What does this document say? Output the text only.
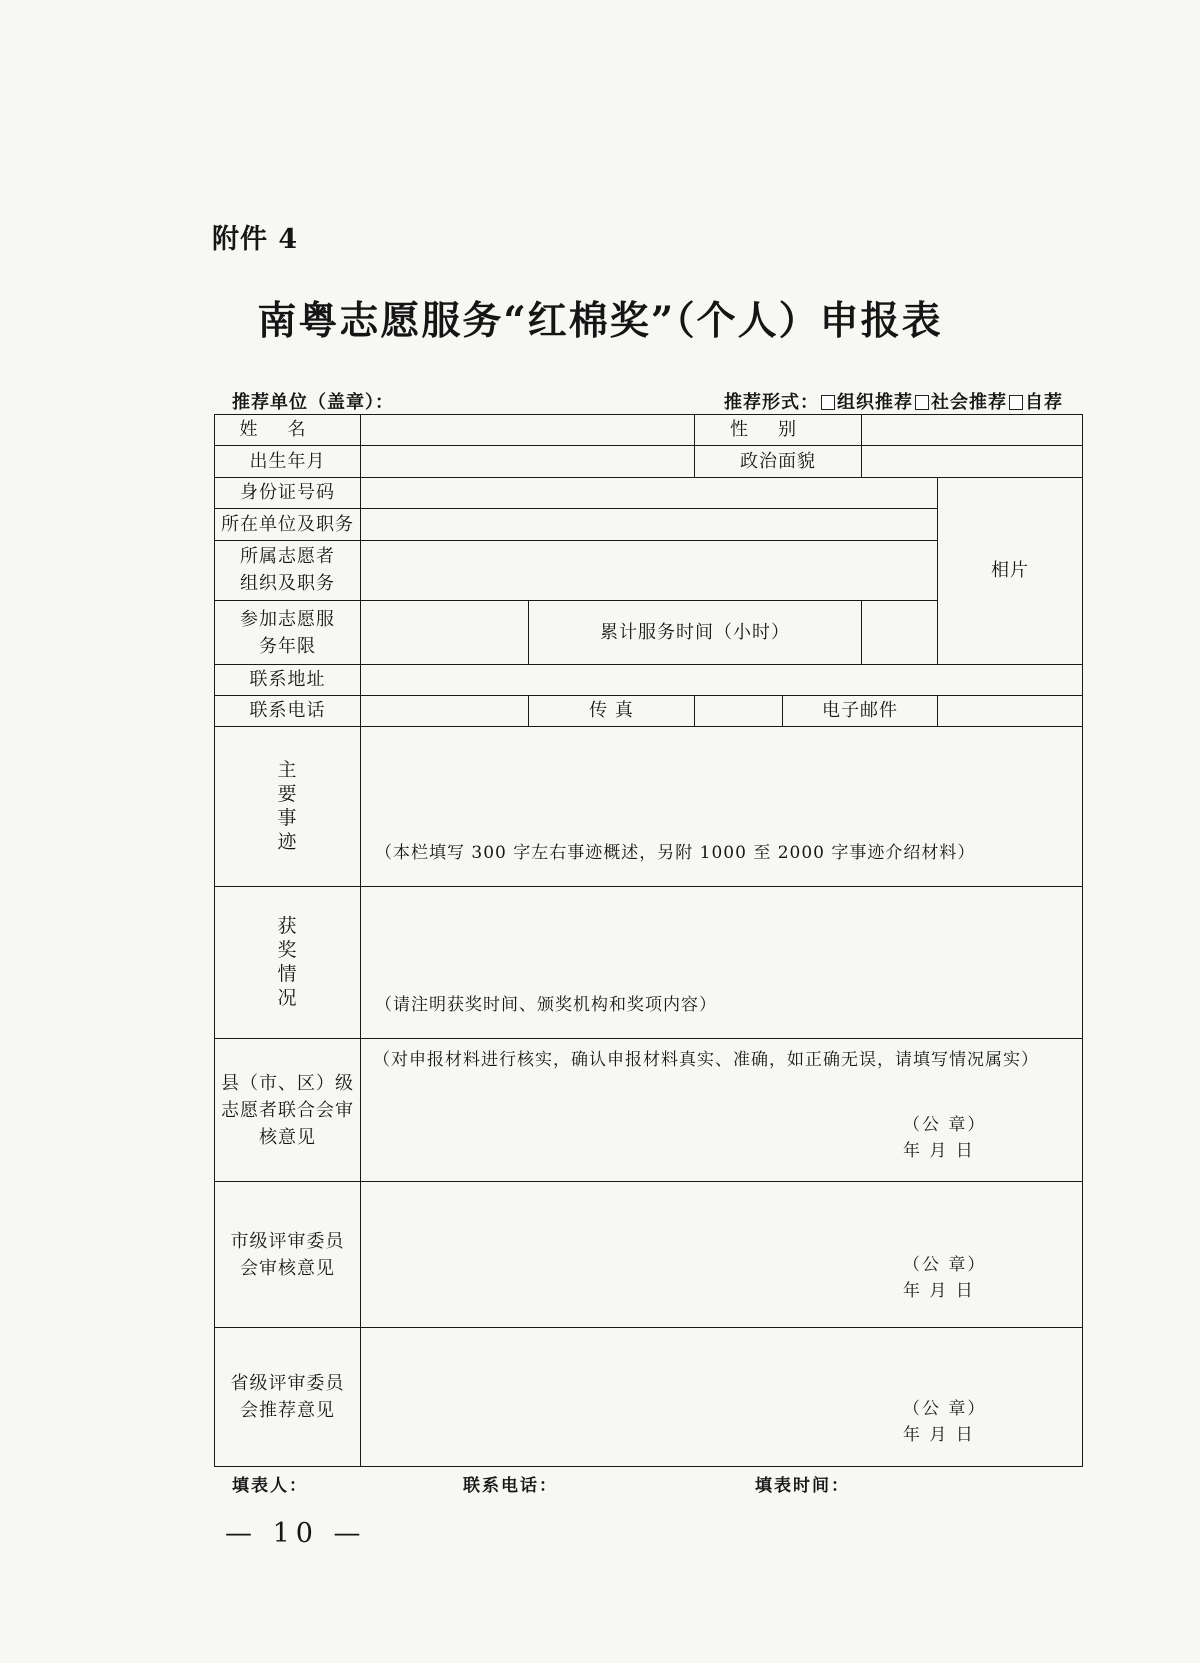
附件 4
南粤志愿服务“红棉奖”（个人）申报表
推荐单位（盖章）：	推荐形式： 组织推荐 社会推荐 自荐
姓名			性别			
出生年月			政治面貌			
身份证号码						相片
所在单位及职务						

所属志愿者组织及职务						

参加志愿服务年限		累计服务时间（小时）				
联系地址						
联系电话		传 真		电子邮件		
主要事迹	（本栏填写 300 字左右事迹概述，另附 1000 至 2000 字事迹介绍材料）					
获奖情况	（请注明获奖时间、颁奖机构和奖项内容）					

县（市、区）级志愿者联合会审核意见	（对申报材料进行核实，确认申报材料真实、准确，如正确无误，请填写情况属实）
（公 章）
年 月 日					

市级评审委员会审核意见	（公 章）
年 月 日					

省级评审委员会推荐意见	（公 章）
年 月 日					
填表人：	联系电话：	填表时间：
— 10 —
